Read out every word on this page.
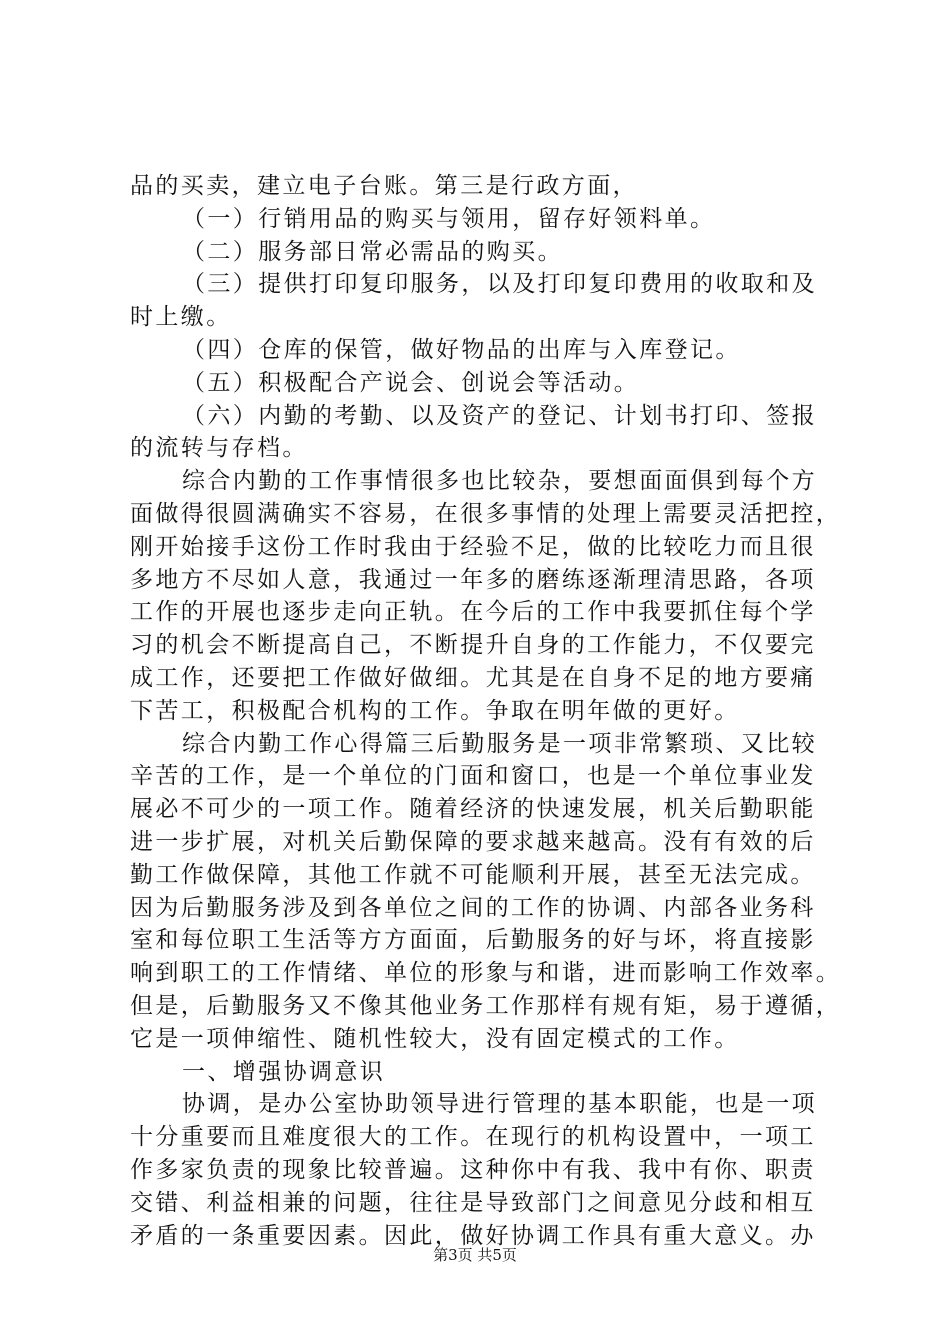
品的买卖，建立电子台账。第三是行政方面，
（一）行销用品的购买与领用，留存好领料单。
（二）服务部日常必需品的购买。
（三）提供打印复印服务，以及打印复印费用的收取和及
时上缴。
（四）仓库的保管，做好物品的出库与入库登记。
（五）积极配合产说会、创说会等活动。
（六）内勤的考勤、以及资产的登记、计划书打印、签报
的流转与存档。
综合内勤的工作事情很多也比较杂，要想面面俱到每个方
面做得很圆满确实不容易，在很多事情的处理上需要灵活把控，
刚开始接手这份工作时我由于经验不足，做的比较吃力而且很
多地方不尽如人意，我通过一年多的磨练逐渐理清思路，各项
工作的开展也逐步走向正轨。在今后的工作中我要抓住每个学
习的机会不断提高自己，不断提升自身的工作能力，不仅要完
成工作，还要把工作做好做细。尤其是在自身不足的地方要痛
下苦工，积极配合机构的工作。争取在明年做的更好。
综合内勤工作心得篇三后勤服务是一项非常繁琐、又比较
辛苦的工作，是一个单位的门面和窗口，也是一个单位事业发
展必不可少的一项工作。随着经济的快速发展，机关后勤职能
进一步扩展，对机关后勤保障的要求越来越高。没有有效的后
勤工作做保障，其他工作就不可能顺利开展，甚至无法完成。
因为后勤服务涉及到各单位之间的工作的协调、内部各业务科
室和每位职工生活等方方面面，后勤服务的好与坏，将直接影
响到职工的工作情绪、单位的形象与和谐，进而影响工作效率。
但是，后勤服务又不像其他业务工作那样有规有矩，易于遵循，
它是一项伸缩性、随机性较大，没有固定模式的工作。
一、增强协调意识
协调，是办公室协助领导进行管理的基本职能，也是一项
十分重要而且难度很大的工作。在现行的机构设置中，一项工
作多家负责的现象比较普遍。这种你中有我、我中有你、职责
交错、利益相兼的问题，往往是导致部门之间意见分歧和相互
矛盾的一条重要因素。因此，做好协调工作具有重大意义。办
第3页 共5页
